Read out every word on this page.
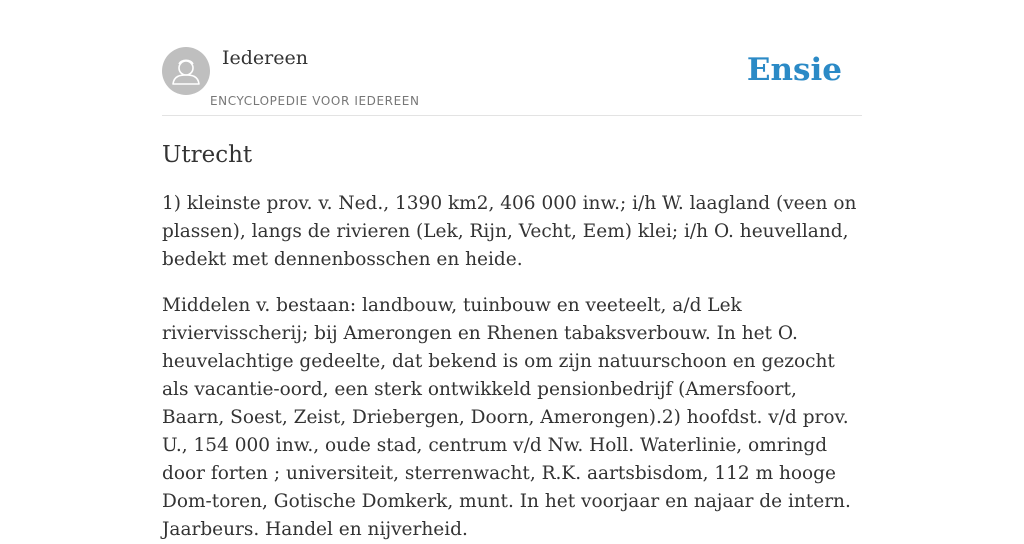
Iedereen
ENCYCLOPEDIE VOOR IEDEREEN
Ensie
Utrecht

1) kleinste prov. v. Ned., 1390 km2, 406 000 inw.; i/h W. laagland (veen on plassen), langs de rivieren (Lek, Rijn, Vecht, Eem) klei; i/h O. heuvelland, bedekt met dennenbosschen en heide.

Middelen v. bestaan: landbouw, tuinbouw en veeteelt, a/d Lek riviervisscherij; bij Amerongen en Rhenen tabaksverbouw. In het O. heuvelachtige gedeelte, dat bekend is om zijn natuurschoon en gezocht als vacantie-oord, een sterk ontwikkeld pensionbedrijf (Amersfoort, Baarn, Soest, Zeist, Driebergen, Doorn, Amerongen).2) hoofdst. v/d prov. U., 154 000 inw., oude stad, centrum v/d Nw. Holl. Waterlinie, omringd door forten ; universiteit, sterrenwacht, R.K. aartsbisdom, 112 m hooge Dom-toren, Gotische Domkerk, munt. In het voorjaar en najaar de intern. Jaarbeurs. Handel en nijverheid.
